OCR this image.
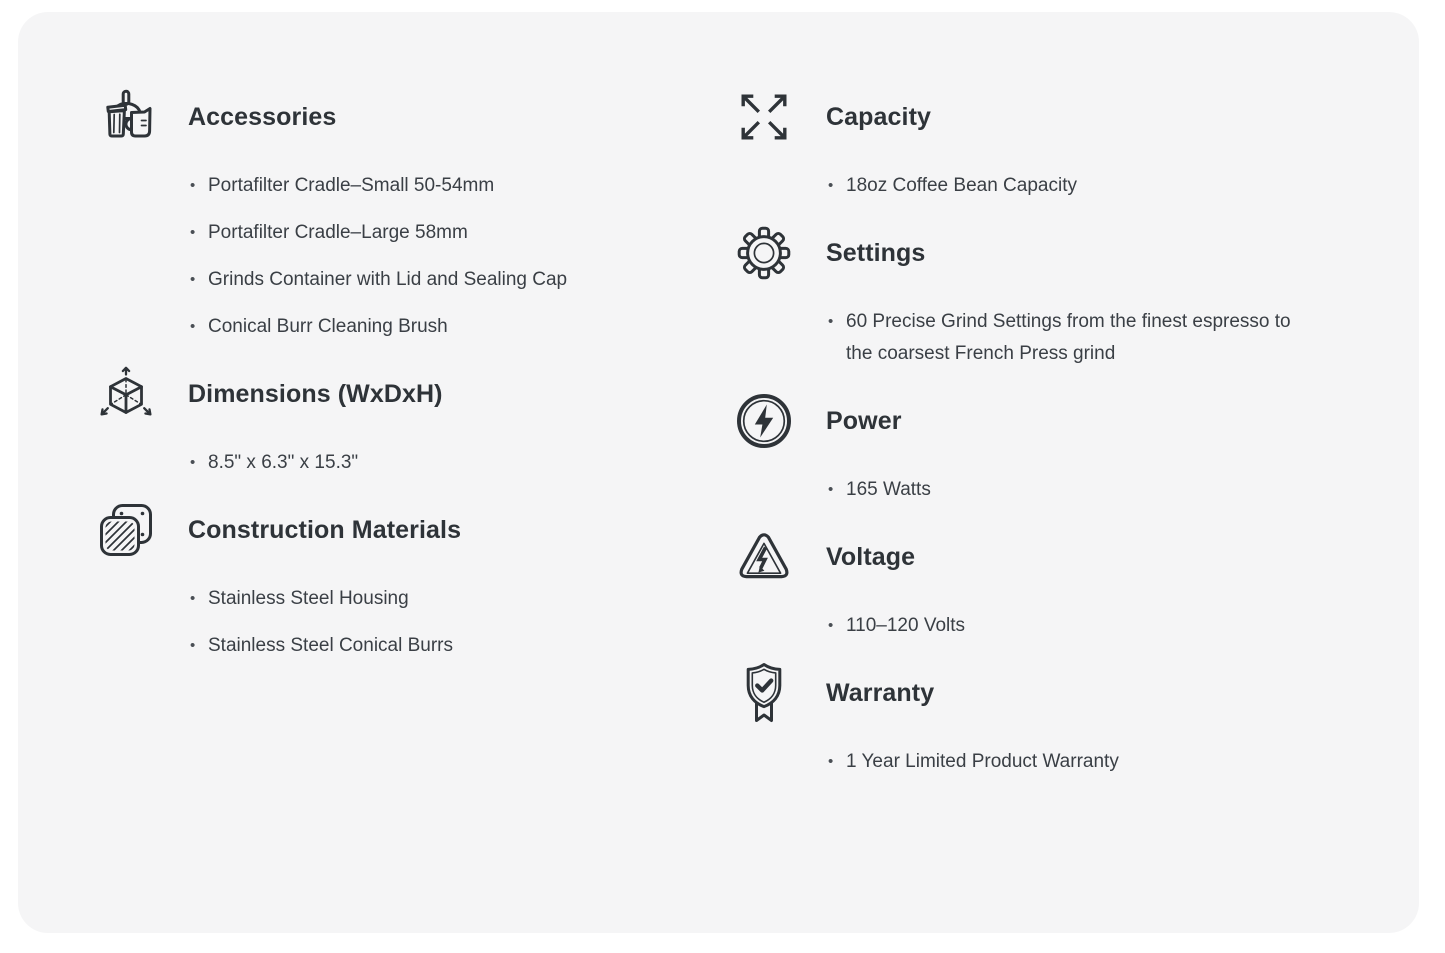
Accessories
• Portafilter Cradle–Small 50-54mm
• Portafilter Cradle–Large 58mm
• Grinds Container with Lid and Sealing Cap
• Conical Burr Cleaning Brush
Dimensions (WxDxH)
• 8.5" x 6.3" x 15.3"
Construction Materials
• Stainless Steel Housing
• Stainless Steel Conical Burrs
Capacity
• 18oz Coffee Bean Capacity
Settings
• 60 Precise Grind Settings from the finest espresso to the coarsest French Press grind
Power
• 165 Watts
Voltage
• 110–120 Volts
Warranty
• 1 Year Limited Product Warranty
